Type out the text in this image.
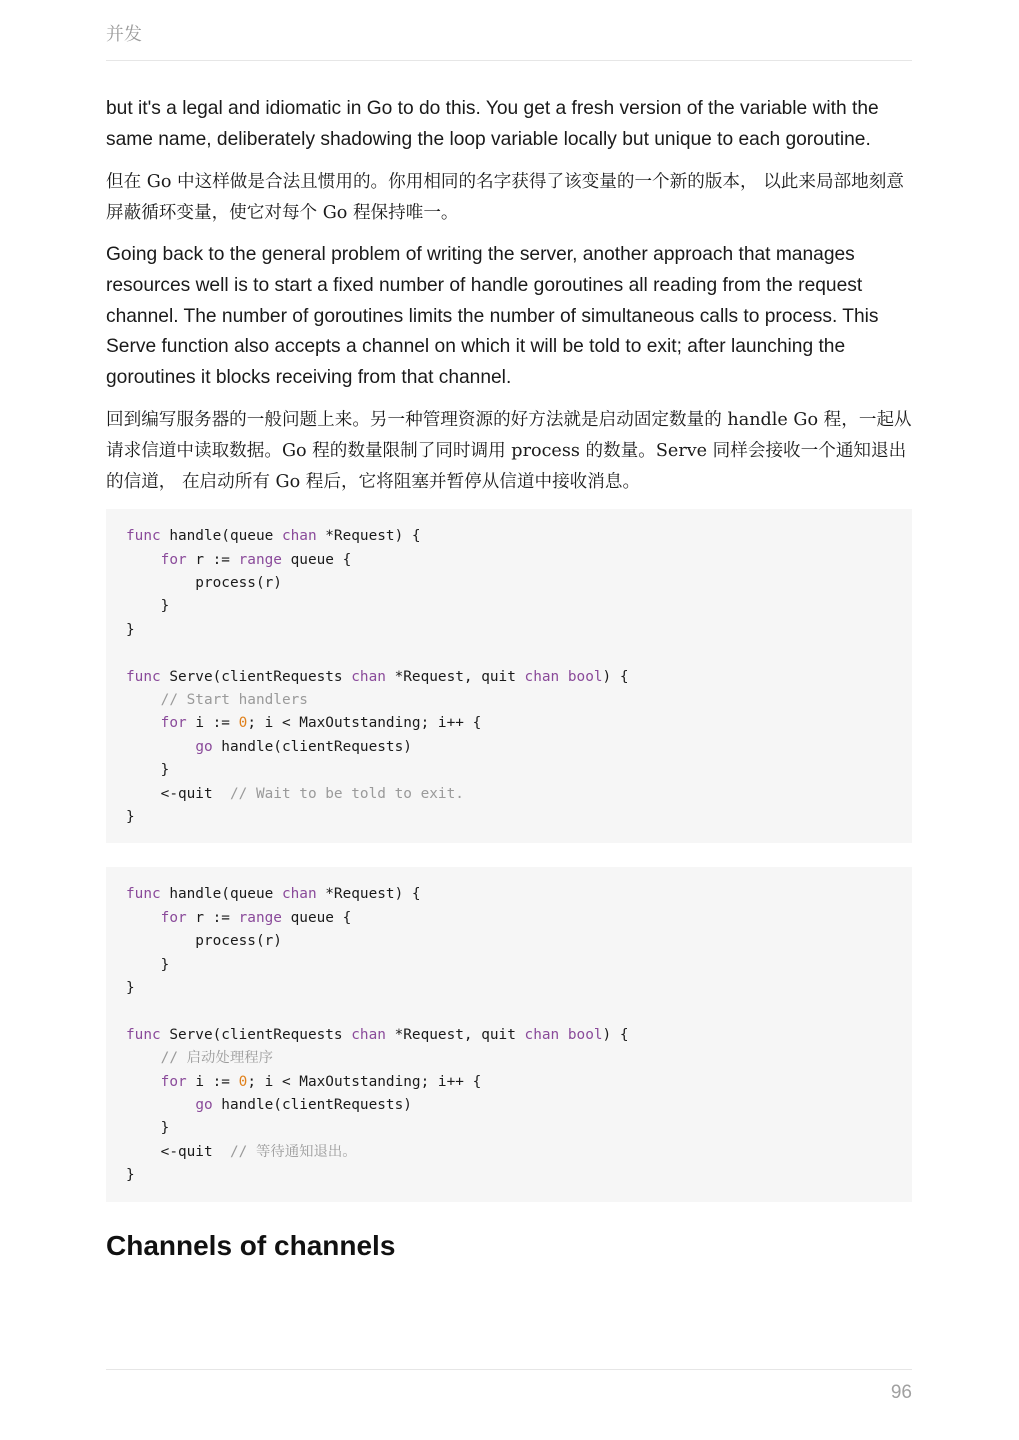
并发

but it's a legal and idiomatic in Go to do this. You get a fresh version of the variable with the same name, deliberately shadowing the loop variable locally but unique to each goroutine.

但在 Go 中这样做是合法且惯用的。你用相同的名字获得了该变量的一个新的版本， 以此来局部地刻意屏蔽循环变量，使它对每个 Go 程保持唯一。

Going back to the general problem of writing the server, another approach that manages resources well is to start a fixed number of handle goroutines all reading from the request channel. The number of goroutines limits the number of simultaneous calls to process. This Serve function also accepts a channel on which it will be told to exit; after launching the goroutines it blocks receiving from that channel.

回到编写服务器的一般问题上来。另一种管理资源的好方法就是启动固定数量的 handle Go 程，一起从请求信道中读取数据。Go 程的数量限制了同时调用 process 的数量。Serve 同样会接收一个通知退出的信道， 在启动所有 Go 程后，它将阻塞并暂停从信道中接收消息。

func handle(queue chan *Request) {
for r := range queue {
process(r)
}
}

func Serve(clientRequests chan *Request, quit chan bool) {
// Start handlers
for i := 0; i < MaxOutstanding; i++ {
go handle(clientRequests)
}
<-quit  // Wait to be told to exit.
}
func handle(queue chan *Request) {
for r := range queue {
process(r)
}
}

func Serve(clientRequests chan *Request, quit chan bool) {
// 启动处理程序
for i := 0; i < MaxOutstanding; i++ {
go handle(clientRequests)
}
<-quit  // 等待通知退出。
}
Channels of channels
96
